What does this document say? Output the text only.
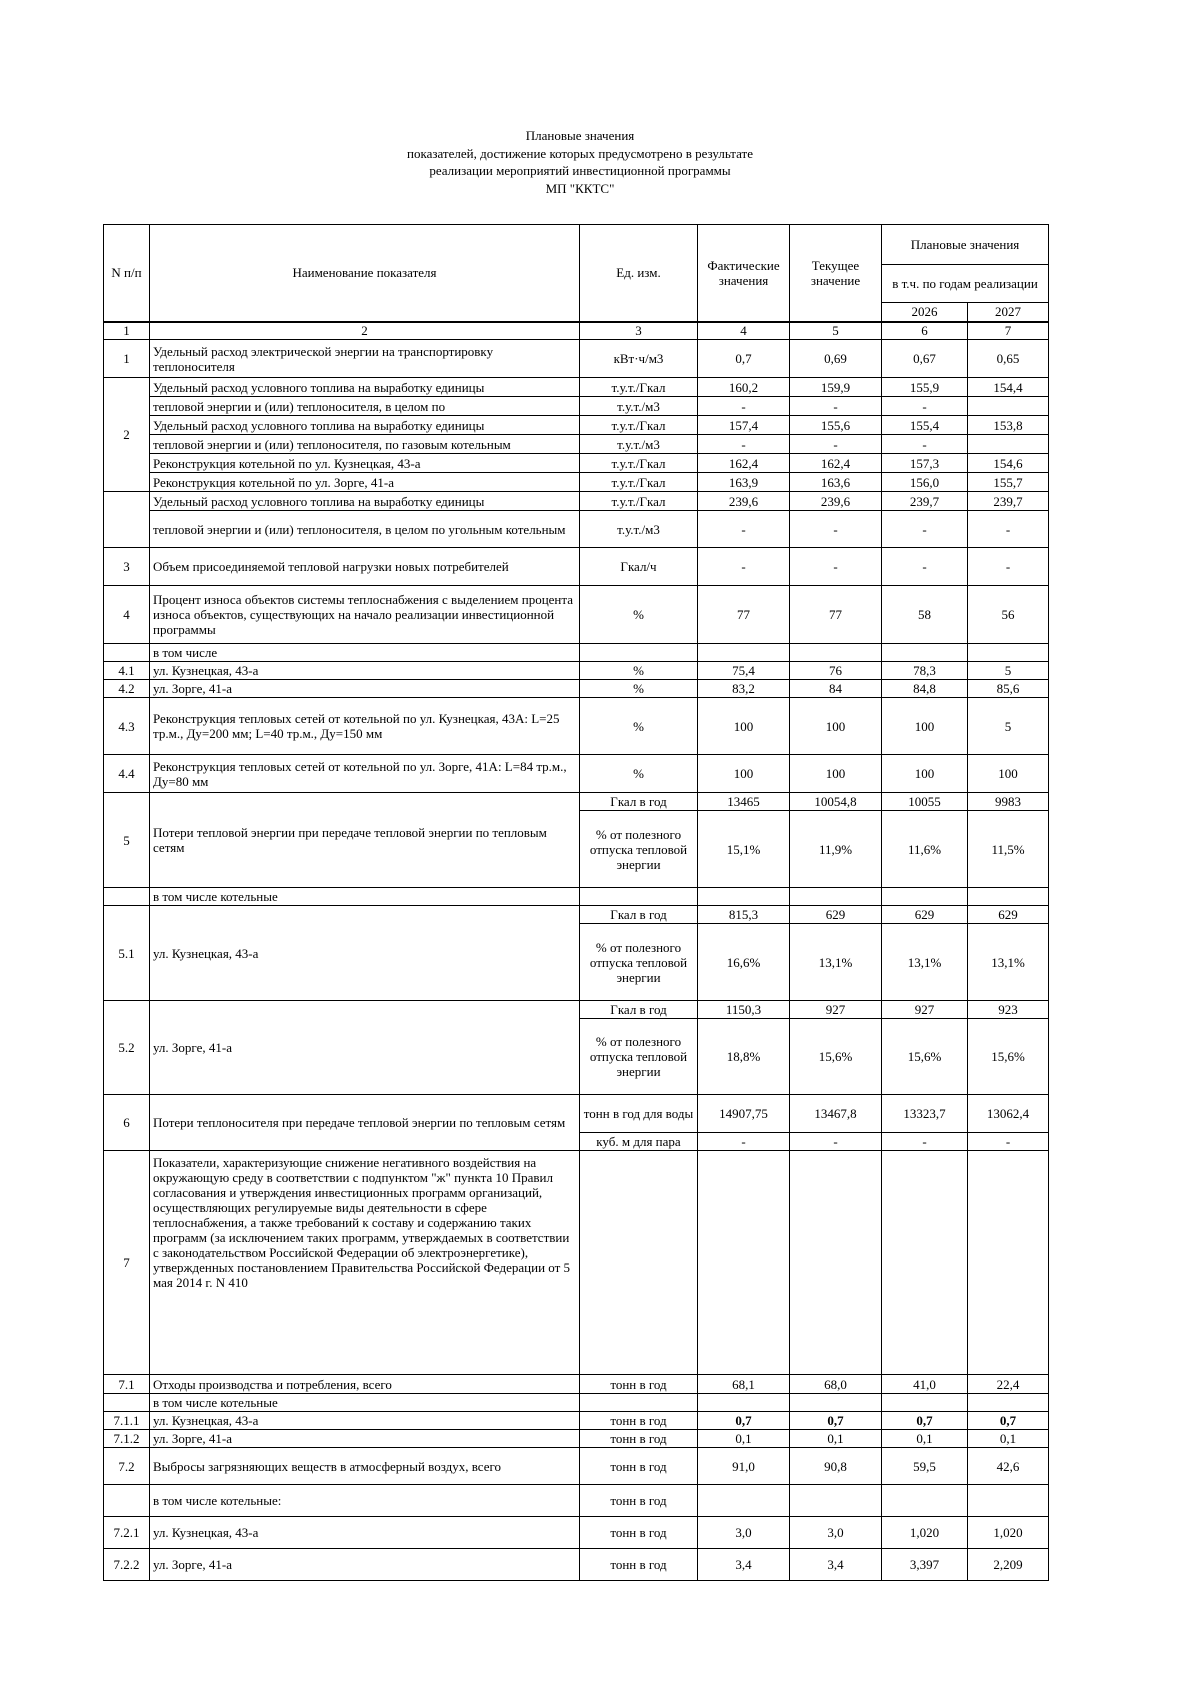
Плановые значения
показателей, достижение которых предусмотрено в результате
реализации мероприятий инвестиционной программы
МП "ККТС"
N п/п	Наименование показателя	Ед. изм.	Фактические значения	Текущее значение	Плановые значения	
					в т.ч. по годам реализации	
					2026	2027
1	2	3	4	5	6	7
1	Удельный расход электрической энергии на транспортировку теплоносителя	кВт·ч/м3	0,7	0,69	0,67	0,65
2	Удельный расход условного топлива на выработку единицы	т.у.т./Гкал	160,2	159,9	155,9	154,4
	тепловой энергии и (или) теплоносителя, в целом по	т.у.т./м3	-	-	-	
	Удельный расход условного топлива на выработку единицы	т.у.т./Гкал	157,4	155,6	155,4	153,8
	тепловой энергии и (или) теплоносителя, по газовым котельным	т.у.т./м3	-	-	-	
	Реконструкция котельной по ул. Кузнецкая, 43-а	т.у.т./Гкал	162,4	162,4	157,3	154,6
	Реконструкция котельной по ул. Зорге, 41-а	т.у.т./Гкал	163,9	163,6	156,0	155,7
	Удельный расход условного топлива на выработку единицы	т.у.т./Гкал	239,6	239,6	239,7	239,7
	тепловой энергии и (или) теплоносителя, в целом по угольным котельным	т.у.т./м3	-	-	-	-
3	Объем присоединяемой тепловой нагрузки новых потребителей	Гкал/ч	-	-	-	-
4	Процент износа объектов системы теплоснабжения с выделением процента износа объектов, существующих на начало реализации инвестиционной программы	%	77	77	58	56
	в том числе					
4.1	ул. Кузнецкая, 43-а	%	75,4	76	78,3	5
4.2	ул. Зорге, 41-а	%	83,2	84	84,8	85,6
4.3	Реконструкция тепловых сетей от котельной по ул. Кузнецкая, 43А: L=25 тр.м., Ду=200 мм; L=40 тр.м., Ду=150 мм	%	100	100	100	5
4.4	Реконструкция тепловых сетей от котельной по ул. Зорге, 41А: L=84 тр.м., Ду=80 мм	%	100	100	100	100
5	Потери тепловой энергии при передаче тепловой энергии по тепловым сетям	Гкал в год	13465	10054,8	10055	9983
		% от полезного отпуска тепловой энергии	15,1%	11,9%	11,6%	11,5%
	в том числе котельные					
5.1	ул. Кузнецкая, 43-а	Гкал в год	815,3	629	629	629
		% от полезного отпуска тепловой энергии	16,6%	13,1%	13,1%	13,1%
5.2	ул. Зорге, 41-а	Гкал в год	1150,3	927	927	923
		% от полезного отпуска тепловой энергии	18,8%	15,6%	15,6%	15,6%
6	Потери теплоносителя при передаче тепловой энергии по тепловым сетям	тонн в год для воды	14907,75	13467,8	13323,7	13062,4
		куб. м для пара	-	-	-	-
7	Показатели, характеризующие снижение негативного воздействия на окружающую среду в соответствии с подпунктом "ж" пункта 10 Правил согласования и утверждения инвестиционных программ организаций, осуществляющих регулируемые виды деятельности в сфере теплоснабжения, а также требований к составу и содержанию таких программ (за исключением таких программ, утверждаемых в соответствии с законодательством Российской Федерации об электроэнергетике), утвержденных постановлением Правительства Российской Федерации от 5 мая 2014 г. N 410					
7.1	Отходы производства и потребления, всего	тонн в год	68,1	68,0	41,0	22,4
	в том числе котельные					
7.1.1	ул. Кузнецкая, 43-а	тонн в год	0,7	0,7	0,7	0,7
7.1.2	ул. Зорге, 41-а	тонн в год	0,1	0,1	0,1	0,1
7.2	Выбросы загрязняющих веществ в атмосферный воздух, всего	тонн в год	91,0	90,8	59,5	42,6
	в том числе котельные:	тонн в год				
7.2.1	ул. Кузнецкая, 43-а	тонн в год	3,0	3,0	1,020	1,020
7.2.2	ул. Зорге, 41-а	тонн в год	3,4	3,4	3,397	2,209
